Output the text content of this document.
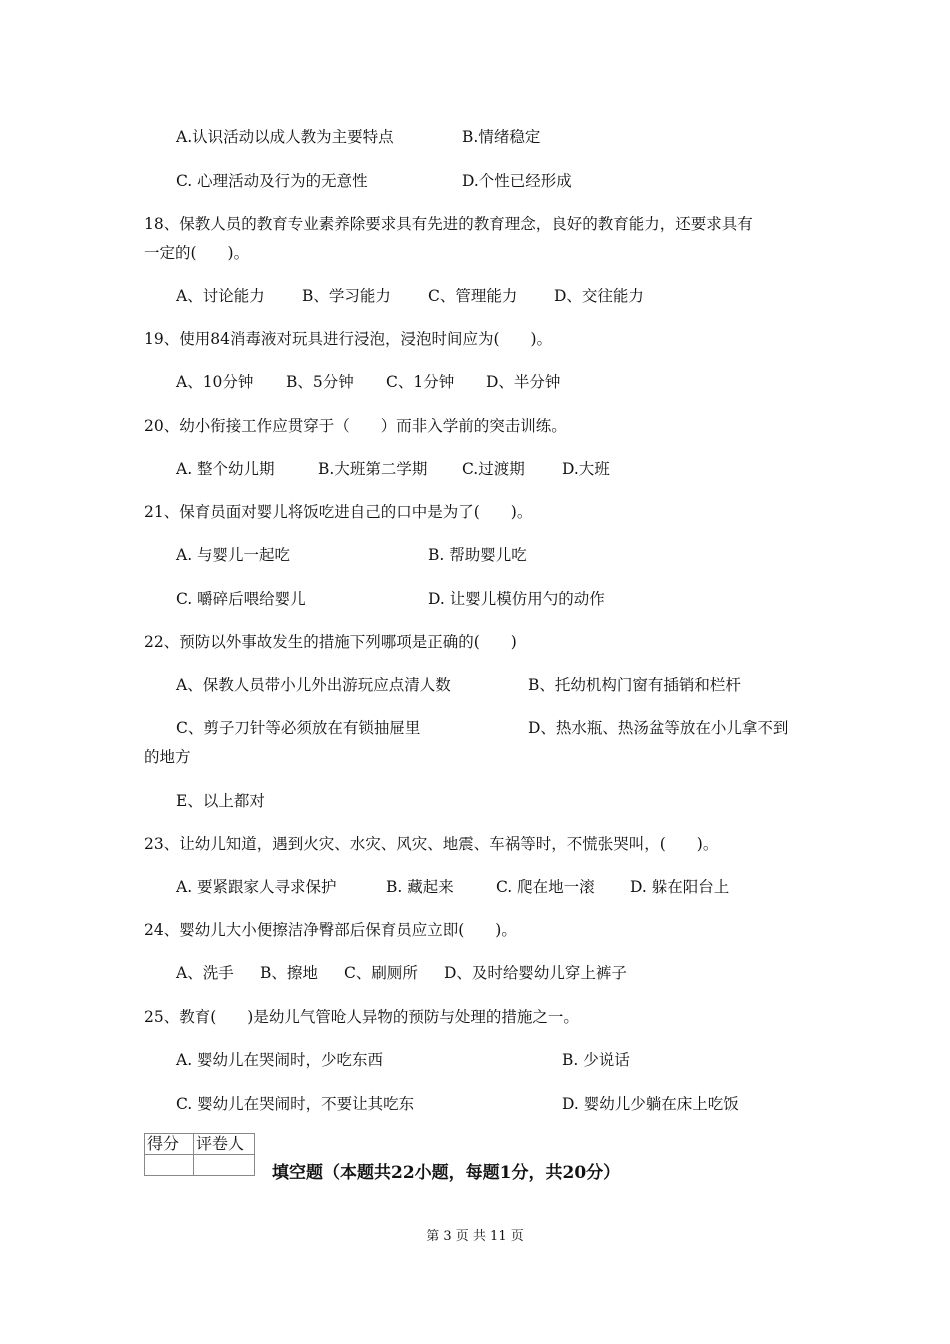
A.认识活动以成人教为主要特点	B.情绪稳定
C. 心理活动及行为的无意性	D.个性已经形成
18、保教人员的教育专业素养除要求具有先进的教育理念，良好的教育能力，还要求具有
一定的(　　)。
A、讨论能力 B、学习能力 C、管理能力 D、交往能力
19、使用84消毒液对玩具进行浸泡，浸泡时间应为(　　)。
A、10分钟 B、5分钟 C、1分钟 D、半分钟
20、幼小衔接工作应贯穿于（　　）而非入学前的突击训练。
A. 整个幼儿期	B.大班第二学期 C.过渡期 D.大班
21、保育员面对婴儿将饭吃进自己的口中是为了(　　)。
A. 与婴儿一起吃	B. 帮助婴儿吃
C. 嚼碎后喂给婴儿	D. 让婴儿模仿用勺的动作
22、预防以外事故发生的措施下列哪项是正确的(　　)
A、保教人员带小儿外出游玩应点清人数	B、托幼机构门窗有插销和栏杆
C、剪子刀针等必须放在有锁抽屉里	D、热水瓶、热汤盆等放在小儿拿不到
的地方
E、以上都对
23、让幼儿知道，遇到火灾、水灾、风灾、地震、车祸等时，不慌张哭叫，(　　)。
A. 要紧跟家人寻求保护	B. 藏起来	C. 爬在地一滚 D. 躲在阳台上
24、婴幼儿大小便擦洁净臀部后保育员应立即(　　)。
A、洗手 B、擦地 C、刷厕所 D、及时给婴幼儿穿上裤子
25、教育(　　)是幼儿气管呛人异物的预防与处理的措施之一。
A. 婴幼儿在哭闹时，少吃东西	B. 少说话
C. 婴幼儿在哭闹时，不要让其吃东	D. 婴幼儿少躺在床上吃饭
得分	评卷人

填空题（本题共22小题，每题1分，共20分）
第 3 页 共 11 页
